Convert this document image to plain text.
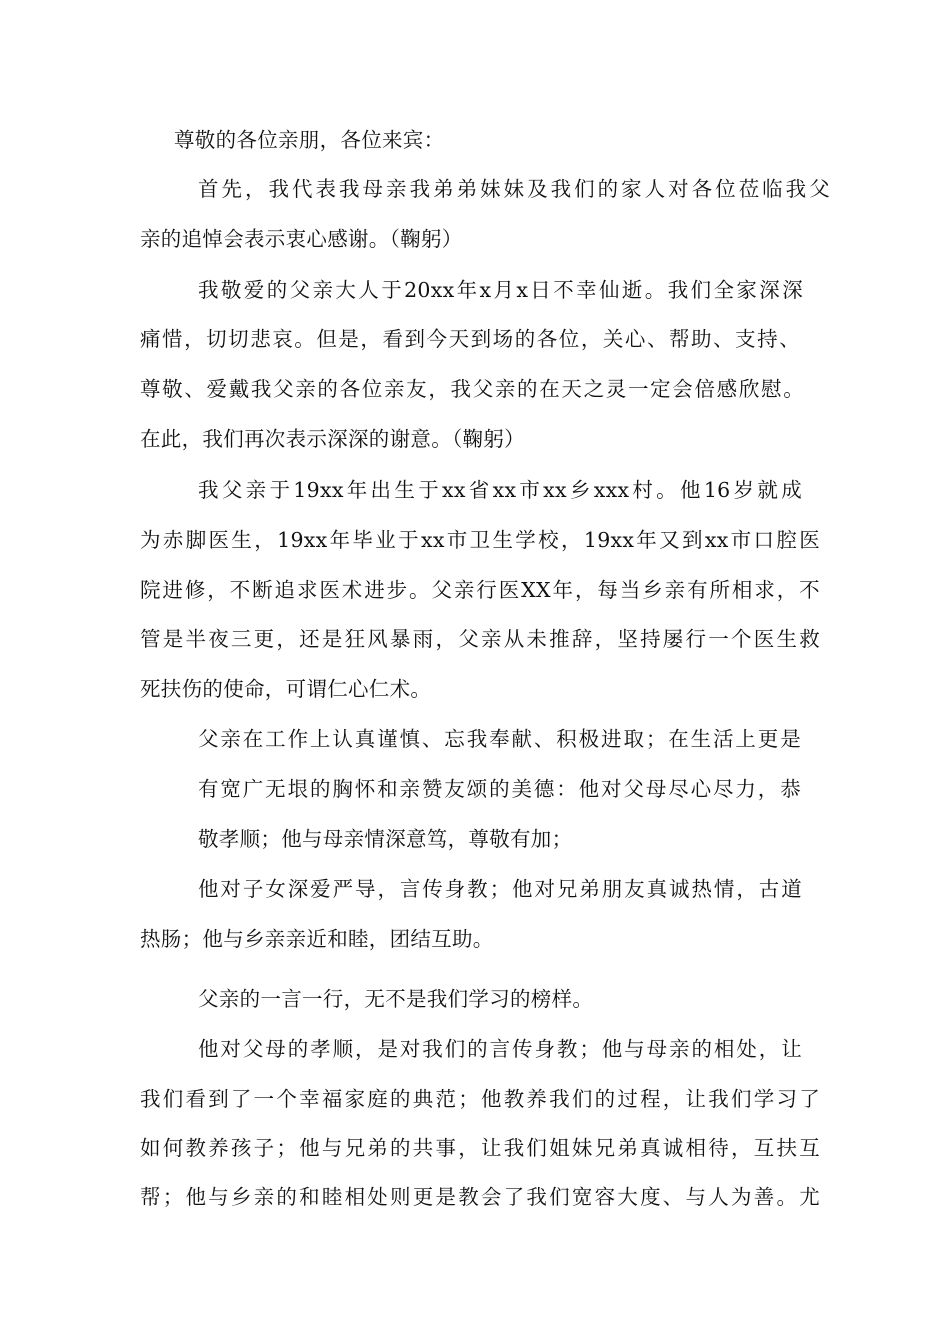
尊敬的各位亲朋，各位来宾：
首先，我代表我母亲我弟弟妹妹及我们的家人对各位莅临我父
亲的追悼会表示衷心感谢。（鞠躬）
我敬爱的父亲大人于20xx年x月x日不幸仙逝。我们全家深深
痛惜，切切悲哀。但是，看到今天到场的各位，关心、帮助、支持、
尊敬、爱戴我父亲的各位亲友，我父亲的在天之灵一定会倍感欣慰。
在此，我们再次表示深深的谢意。（鞠躬）
我父亲于19xx年出生于xx省xx市xx乡xxx村。他16岁就成
为赤脚医生，19xx年毕业于xx市卫生学校，19xx年又到xx市口腔医
院进修，不断追求医术进步。父亲行医XX年，每当乡亲有所相求，不
管是半夜三更，还是狂风暴雨，父亲从未推辞，坚持屡行一个医生救
死扶伤的使命，可谓仁心仁术。
父亲在工作上认真谨慎、忘我奉献、积极进取；在生活上更是
有宽广无垠的胸怀和亲赞友颂的美德：他对父母尽心尽力，恭
敬孝顺；他与母亲情深意笃，尊敬有加；
他对子女深爱严导，言传身教；他对兄弟朋友真诚热情，古道
热肠；他与乡亲亲近和睦，团结互助。
父亲的一言一行，无不是我们学习的榜样。
他对父母的孝顺，是对我们的言传身教；他与母亲的相处，让
我们看到了一个幸福家庭的典范；他教养我们的过程，让我们学习了
如何教养孩子；他与兄弟的共事，让我们姐妹兄弟真诚相待，互扶互
帮；他与乡亲的和睦相处则更是教会了我们宽容大度、与人为善。尤
